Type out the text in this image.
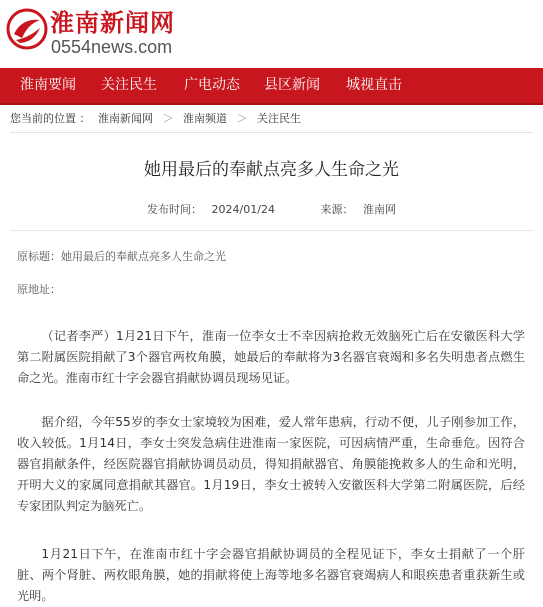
淮南新闻网
0554news.com
淮南要闻 关注民生 广电动态 县区新闻 城视直击
您当前的位置 ： 淮南新闻网 ＞ 淮南频道 ＞ 关注民生
她用最后的奉献点亮多人生命之光
发布时间： 2024/01/24	来源： 淮南网
原标题：她用最后的奉献点亮多人生命之光
原地址：

（记者李严）1月21日下午，淮南一位李女士不幸因病抢救无效脑死亡后在安徽医科大学第二附属医院捐献了3个器官两枚角膜，她最后的奉献将为3名器官衰竭和多名失明患者点燃生命之光。淮南市红十字会器官捐献协调员现场见证。

据介绍，今年55岁的李女士家境较为困难，爱人常年患病，行动不便，儿子刚参加工作，收入较低。1月14日，李女士突发急病住进淮南一家医院，可因病情严重，生命垂危。因符合器官捐献条件，经医院器官捐献协调员动员，得知捐献器官、角膜能挽救多人的生命和光明，开明大义的家属同意捐献其器官。1月19日，李女士被转入安徽医科大学第二附属医院，后经专家团队判定为脑死亡。

1月21日下午，在淮南市红十字会器官捐献协调员的全程见证下，李女士捐献了一个肝脏、两个肾脏、两枚眼角膜，她的捐献将使上海等地多名器官衰竭病人和眼疾患者重获新生或光明。
